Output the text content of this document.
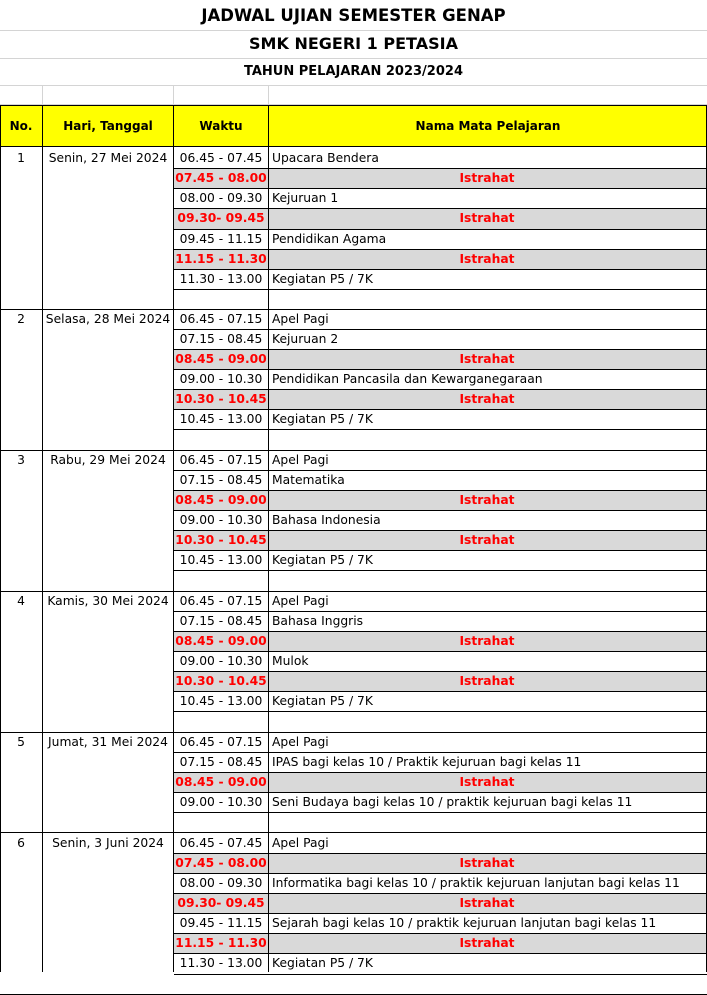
JADWAL UJIAN SEMESTER GENAP
SMK NEGERI 1 PETASIA
TAHUN PELAJARAN 2023/2024
No.	Hari, Tanggal	Waktu	Nama Mata Pelajaran
1	Senin, 27 Mei 2024	06.45 - 07.45 Upacara Bendera
07.45 - 08.00	Istrahat
08.00 - 09.30 Kejuruan 1
09.30- 09.45	Istrahat
09.45 - 11.15 Pendidikan Agama
11.15 - 11.30	Istrahat
11.30 - 13.00 Kegiatan P5 / 7K
2	Selasa, 28 Mei 2024 06.45 - 07.15 Apel Pagi
07.15 - 08.45 Kejuruan 2
08.45 - 09.00	Istrahat
09.00 - 10.30 Pendidikan Pancasila dan Kewarganegaraan
10.30 - 10.45	Istrahat
10.45 - 13.00 Kegiatan P5 / 7K
3	Rabu, 29 Mei 2024	06.45 - 07.15 Apel Pagi
07.15 - 08.45 Matematika
08.45 - 09.00	Istrahat
09.00 - 10.30 Bahasa Indonesia
10.30 - 10.45	Istrahat
10.45 - 13.00 Kegiatan P5 / 7K
4	Kamis, 30 Mei 2024 06.45 - 07.15 Apel Pagi
07.15 - 08.45 Bahasa Inggris
08.45 - 09.00	Istrahat
09.00 - 10.30 Mulok
10.30 - 10.45	Istrahat
10.45 - 13.00 Kegiatan P5 / 7K
5	Jumat, 31 Mei 2024 06.45 - 07.15 Apel Pagi
07.15 - 08.45 IPAS bagi kelas 10 / Praktik kejuruan bagi kelas 11
08.45 - 09.00	Istrahat
09.00 - 10.30 Seni Budaya bagi kelas 10 / praktik kejuruan bagi kelas 11
6	Senin, 3 Juni 2024	06.45 - 07.45 Apel Pagi
07.45 - 08.00	Istrahat
08.00 - 09.30 Informatika bagi kelas 10 / praktik kejuruan lanjutan bagi kelas 11
09.30- 09.45	Istrahat
09.45 - 11.15 Sejarah bagi kelas 10 / praktik kejuruan lanjutan bagi kelas 11
11.15 - 11.30	Istrahat
11.30 - 13.00 Kegiatan P5 / 7K
